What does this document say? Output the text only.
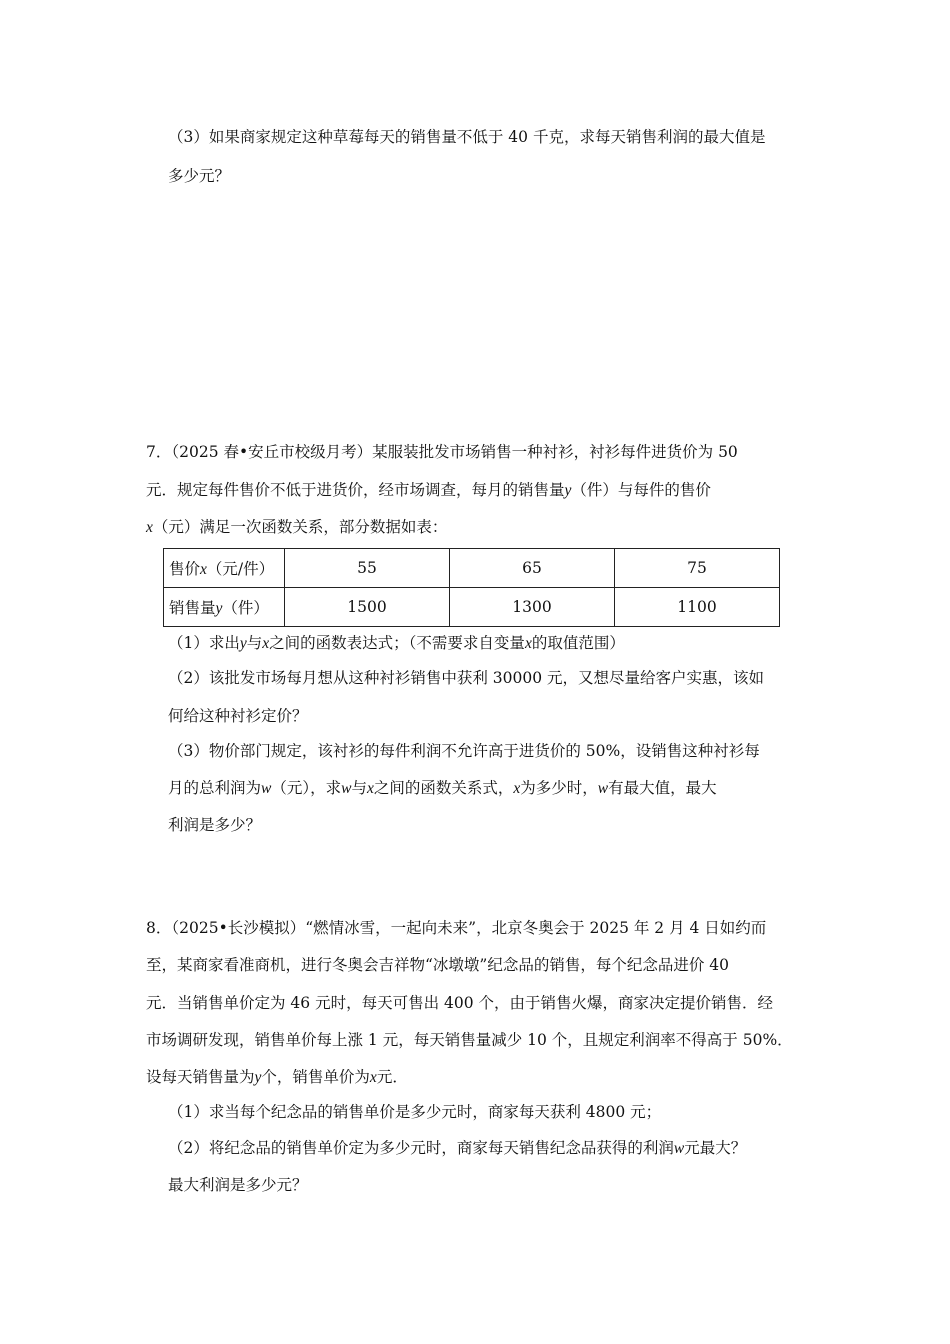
（3）如果商家规定这种草莓每天的销售量不低于 40 千克，求每天销售利润的最大值是
多少元？
7．（2025 春•安丘市校级月考）某服装批发市场销售一种衬衫，衬衫每件进货价为 50
元．规定每件售价不低于进货价，经市场调查，每月的销售量y（件）与每件的售价
x（元）满足一次函数关系，部分数据如表：
售价x（元/件）	55	65	75
销售量y（件）	1500	1300	1100
（1）求出y与x之间的函数表达式；（不需要求自变量x的取值范围）
（2）该批发市场每月想从这种衬衫销售中获利 30000 元，又想尽量给客户实惠，该如
何给这种衬衫定价？
（3）物价部门规定，该衬衫的每件利润不允许高于进货价的 50%，设销售这种衬衫每
月的总利润为w（元），求w与x之间的函数关系式，x为多少时，w有最大值，最大
利润是多少？
8．（2025•长沙模拟）“燃情冰雪，一起向未来”，北京冬奥会于 2025 年 2 月 4 日如约而
至，某商家看准商机，进行冬奥会吉祥物“冰墩墩”纪念品的销售，每个纪念品进价 40
元．当销售单价定为 46 元时，每天可售出 400 个，由于销售火爆，商家决定提价销售．经
市场调研发现，销售单价每上涨 1 元，每天销售量减少 10 个，且规定利润率不得高于 50%．
设每天销售量为y个，销售单价为x元．
（1）求当每个纪念品的销售单价是多少元时，商家每天获利 4800 元；
（2）将纪念品的销售单价定为多少元时，商家每天销售纪念品获得的利润w元最大？
最大利润是多少元？
